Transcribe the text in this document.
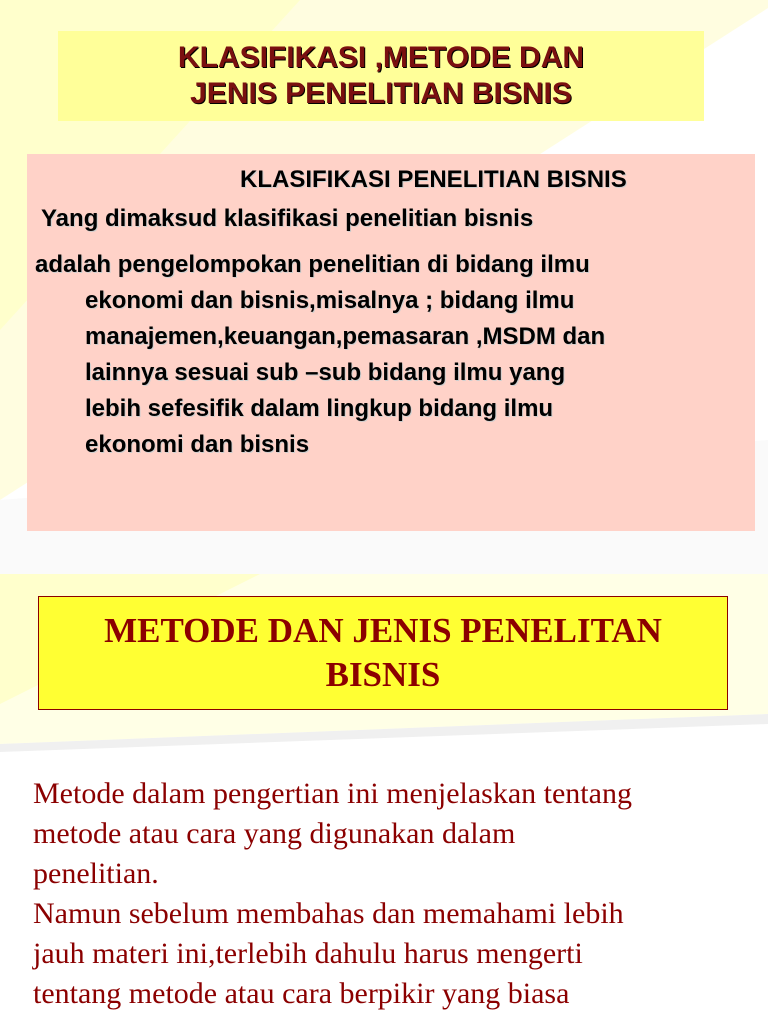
KLASIFIKASI ,METODE DAN
JENIS PENELITIAN BISNIS
KLASIFIKASI PENELITIAN BISNIS
Yang dimaksud klasifikasi penelitian bisnis
adalah pengelompokan penelitian di bidang ilmu
ekonomi dan bisnis,misalnya ; bidang ilmu
manajemen,keuangan,pemasaran ,MSDM dan
lainnya sesuai sub –sub bidang ilmu yang
lebih sefesifik dalam lingkup bidang ilmu
ekonomi dan bisnis
METODE DAN JENIS PENELITAN
BISNIS
Metode dalam pengertian ini menjelaskan tentang
metode atau cara yang digunakan dalam
penelitian.
Namun sebelum membahas dan memahami lebih
jauh materi ini,terlebih dahulu harus mengerti
tentang metode atau cara berpikir yang biasa
